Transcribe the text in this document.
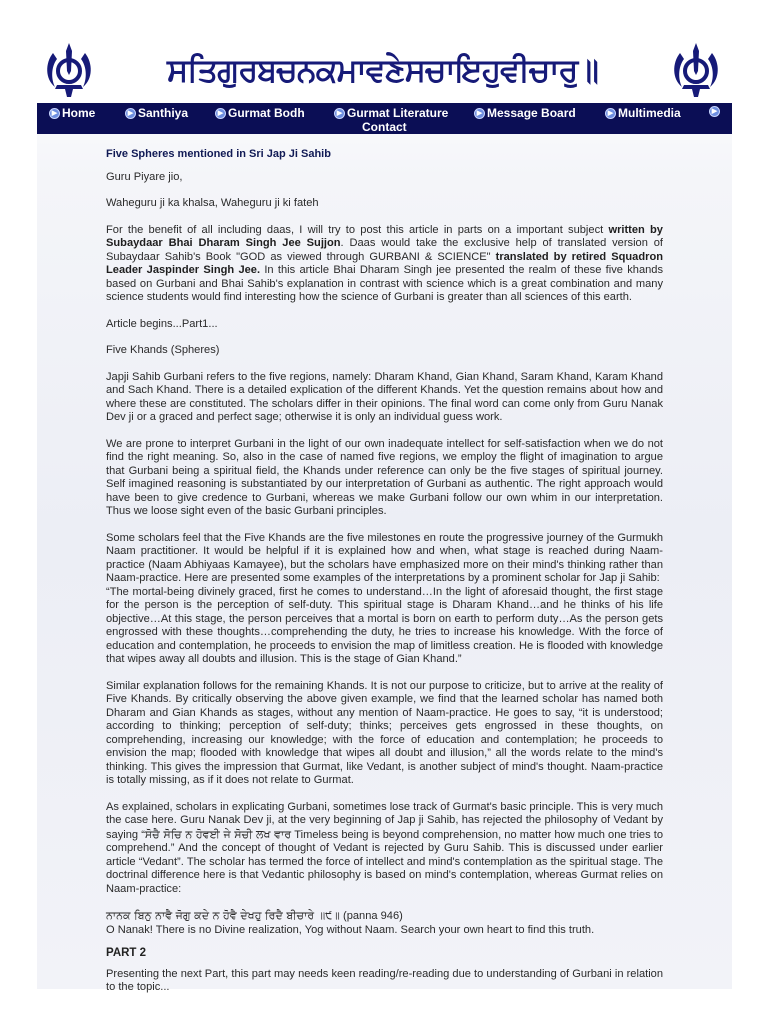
ਸਤਿਗੁਰਬਚਨਕਮਾਵਣੇਸਚਾਇਹੁਵੀਚਾਰੁ॥
▶ Home	▶ Santhiya	▶ Gurmat Bodh	▶ Gurmat Literature	▶ Message Board	▶ Multimedia	▶
Contact
Five Spheres mentioned in Sri Jap Ji Sahib

Guru Piyare jio,

Waheguru ji ka khalsa, Waheguru ji ki fateh

For the benefit of all including daas, I will try to post this article in parts on a important subject written by Subaydaar Bhai Dharam Singh Jee Sujjon. Daas would take the exclusive help of translated version of Subaydaar Sahib's Book "GOD as viewed through GURBANI & SCIENCE" translated by retired Squadron Leader Jaspinder Singh Jee. In this article Bhai Dharam Singh jee presented the realm of these five khands based on Gurbani and Bhai Sahib's explanation in contrast with science which is a great combination and many science students would find interesting how the science of Gurbani is greater than all sciences of this earth.

Article begins...Part1...

Five Khands (Spheres)

Japji Sahib Gurbani refers to the five regions, namely: Dharam Khand, Gian Khand, Saram Khand, Karam Khand and Sach Khand. There is a detailed explication of the different Khands. Yet the question remains about how and where these are constituted. The scholars differ in their opinions. The final word can come only from Guru Nanak Dev ji or a graced and perfect sage; otherwise it is only an individual guess work.

We are prone to interpret Gurbani in the light of our own inadequate intellect for self-satisfaction when we do not find the right meaning. So, also in the case of named five regions, we employ the flight of imagination to argue that Gurbani being a spiritual field, the Khands under reference can only be the five stages of spiritual journey. Self imagined reasoning is substantiated by our interpretation of Gurbani as authentic. The right approach would have been to give credence to Gurbani, whereas we make Gurbani follow our own whim in our interpretation. Thus we loose sight even of the basic Gurbani principles.

Some scholars feel that the Five Khands are the five milestones en route the progressive journey of the Gurmukh Naam practitioner. It would be helpful if it is explained how and when, what stage is reached during Naam-practice (Naam Abhiyaas Kamayee), but the scholars have emphasized more on their mind's thinking rather than Naam-practice. Here are presented some examples of the interpretations by a prominent scholar for Jap ji Sahib:

“The mortal-being divinely graced, first he comes to understand…In the light of aforesaid thought, the first stage for the person is the perception of self-duty. This spiritual stage is Dharam Khand…and he thinks of his life objective…At this stage, the person perceives that a mortal is born on earth to perform duty…As the person gets engrossed with these thoughts…comprehending the duty, he tries to increase his knowledge. With the force of education and contemplation, he proceeds to envision the map of limitless creation. He is flooded with knowledge that wipes away all doubts and illusion. This is the stage of Gian Khand.”

Similar explanation follows for the remaining Khands. It is not our purpose to criticize, but to arrive at the reality of Five Khands. By critically observing the above given example, we find that the learned scholar has named both Dharam and Gian Khands as stages, without any mention of Naam-practice. He goes to say, “it is understood; according to thinking; perception of self-duty; thinks; perceives gets engrossed in these thoughts, on comprehending, increasing our knowledge; with the force of education and contemplation; he proceeds to envision the map; flooded with knowledge that wipes all doubt and illusion,” all the words relate to the mind's thinking. This gives the impression that Gurmat, like Vedant, is another subject of mind's thought. Naam-practice is totally missing, as if it does not relate to Gurmat.

As explained, scholars in explicating Gurbani, sometimes lose track of Gurmat's basic principle. This is very much the case here. Guru Nanak Dev ji, at the very beginning of Jap ji Sahib, has rejected the philosophy of Vedant by saying “ਸੋਚੈ ਸੋਚਿ ਨ ਹੋਵਈ ਜੇ ਸੋਚੀ ਲਖ ਵਾਰ Timeless being is beyond comprehension, no matter how much one tries to comprehend.” And the concept of thought of Vedant is rejected by Guru Sahib. This is discussed under earlier article “Vedant”. The scholar has termed the force of intellect and mind's contemplation as the spiritual stage. The doctrinal difference here is that Vedantic philosophy is based on mind's contemplation, whereas Gurmat relies on Naam-practice:

ਨਾਨਕ ਬਿਨੁ ਨਾਵੈ ਜੋਗੁ ਕਦੇ ਨ ਹੋਵੈ ਦੇਖਹੁ ਰਿਦੈ ਬੀਚਾਰੇ ॥੯॥ (panna 946)

O Nanak! There is no Divine realization, Yog without Naam. Search your own heart to find this truth.

PART 2

Presenting the next Part, this part may needs keen reading/re-reading due to understanding of Gurbani in relation to the topic...
